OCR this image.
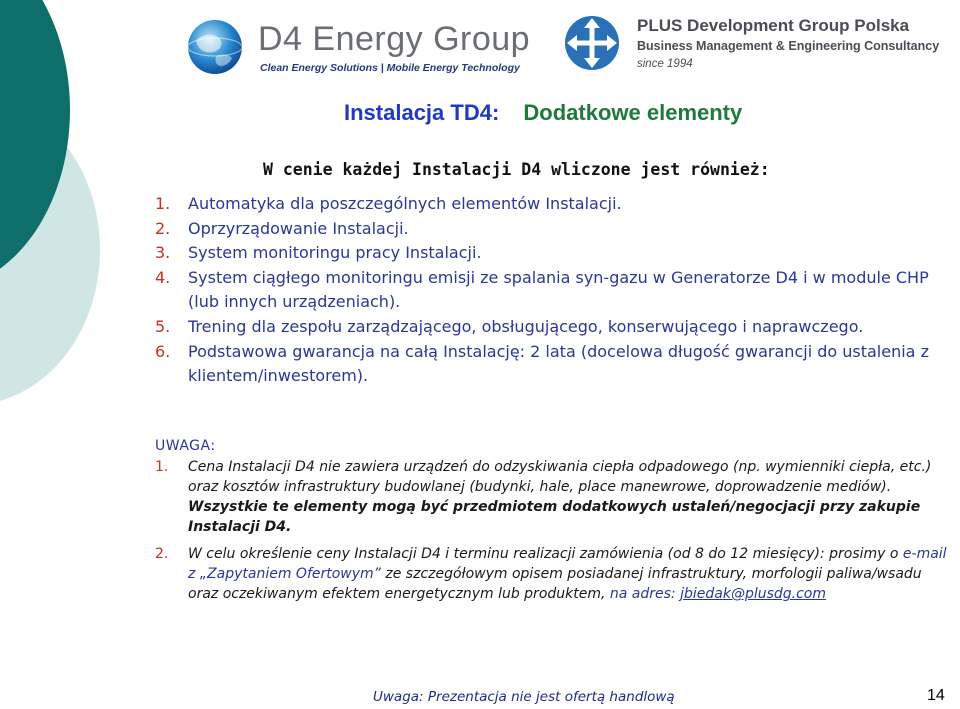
D4 Energy Group
Clean Energy Solutions | Mobile Energy Technology
PLUS Development Group Polska
Business Management & Engineering Consultancy
since 1994
Instalacja TD4: Dodatkowe elementy
W cenie każdej Instalacji D4 wliczone jest również:
1. Automatyka dla poszczególnych elementów Instalacji.
2. Oprzyrządowanie Instalacji.
3. System monitoringu pracy Instalacji.
4. System ciągłego monitoringu emisji ze spalania syn-gazu w Generatorze D4 i w module CHP (lub innych urządzeniach).
5. Trening dla zespołu zarządzającego, obsługującego, konserwującego i naprawczego.
6. Podstawowa gwarancja na całą Instalację: 2 lata (docelowa długość gwarancji do ustalenia z klientem/inwestorem).
UWAGA:
1. Cena Instalacji D4 nie zawiera urządzeń do odzyskiwania ciepła odpadowego (np. wymienniki ciepła, etc.) oraz kosztów infrastruktury budowlanej (budynki, hale, place manewrowe, doprowadzenie mediów). Wszystkie te elementy mogą być przedmiotem dodatkowych ustaleń/negocjacji przy zakupie Instalacji D4.
2. W celu określenie ceny Instalacji D4 i terminu realizacji zamówienia (od 8 do 12 miesięcy): prosimy o e-mail z „Zapytaniem Ofertowym” ze szczegółowym opisem posiadanej infrastruktury, morfologii paliwa/wsadu oraz oczekiwanym efektem energetycznym lub produktem, na adres: jbiedak@plusdg.com
Uwaga: Prezentacja nie jest ofertą handlową	14
